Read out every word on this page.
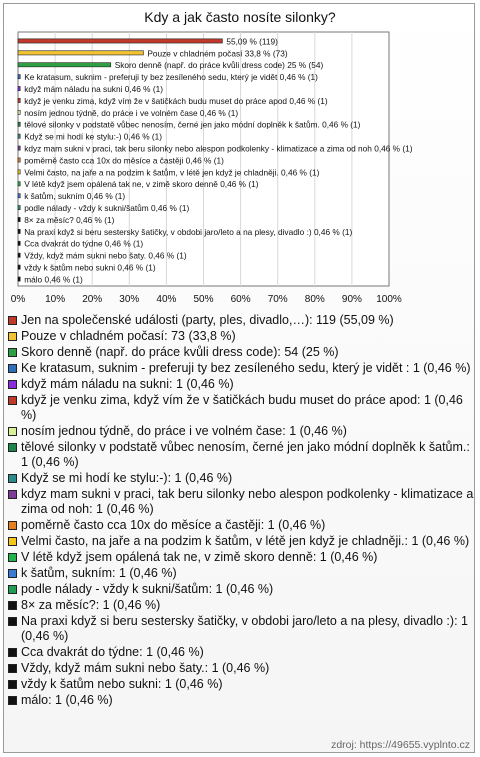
Kdy a jak často nosíte silonky?
0% 10% 20% 30% 40% 50% 60% 70% 80% 90% 100%
55,09 % (119)
Pouze v chladném počasí 33,8 % (73)
Skoro denně (např. do práce kvůli dress code) 25 % (54)
Ke kratasum, suknim - preferuji ty bez zesíleného sedu, který je vidět 0,46 % (1)
když mám náladu na sukni 0,46 % (1)
když je venku zima, když vím že v šatičkách budu muset do práce apod 0,46 % (1)
nosím jednou týdně, do práce i ve volném čase 0,46 % (1)
tělové silonky v podstatě vůbec nenosím, černé jen jako módní doplněk k šatům. 0,46 % (1)
Když se mi hodí ke stylu:-) 0,46 % (1)
kdyz mam sukni v praci, tak beru silonky nebo alespon podkolenky - klimatizace a zima od noh 0,46 % (1)
poměrně často cca 10x do měsíce a častěji 0,46 % (1)
Velmi často, na jaře a na podzim k šatům, v létě jen když je chladněji. 0,46 % (1)
V létě když jsem opálená tak ne, v zimě skoro denně 0,46 % (1)
k šatům, sukním 0,46 % (1)
podle nálady - vždy k sukni/šatům 0,46 % (1)
8× za měsíc? 0,46 % (1)
Na praxi když si beru sestersky šatičky, v obdobi jaro/leto a na plesy, divadlo :) 0,46 % (1)
Cca dvakrát do týdne 0,46 % (1)
Vždy, když mám sukni nebo šaty. 0,46 % (1)
vždy k šatům nebo sukni 0,46 % (1)
málo 0,46 % (1)
Jen na společenské události (party, ples, divadlo,…): 119 (55,09 %)
Pouze v chladném počasí: 73 (33,8 %)
Skoro denně (např. do práce kvůli dress code): 54 (25 %)
Ke kratasum, suknim - preferuji ty bez zesíleného sedu, který je vidět : 1 (0,46 %)
když mám náladu na sukni: 1 (0,46 %)
když je venku zima, když vím že v šatičkách budu muset do práce apod: 1 (0,46 %)
nosím jednou týdně, do práce i ve volném čase: 1 (0,46 %)
tělové silonky v podstatě vůbec nenosím, černé jen jako módní doplněk k šatům.: 1 (0,46 %)
Když se mi hodí ke stylu:-): 1 (0,46 %)
kdyz mam sukni v praci, tak beru silonky nebo alespon podkolenky - klimatizace a zima od noh: 1 (0,46 %)
poměrně často cca 10x do měsíce a častěji: 1 (0,46 %)
Velmi často, na jaře a na podzim k šatům, v létě jen když je chladněji.: 1 (0,46 %)
V létě když jsem opálená tak ne, v zimě skoro denně: 1 (0,46 %)
k šatům, sukním: 1 (0,46 %)
podle nálady - vždy k sukni/šatům: 1 (0,46 %)
8× za měsíc?: 1 (0,46 %)
Na praxi když si beru sestersky šatičky, v obdobi jaro/leto a na plesy, divadlo :): 1 (0,46 %)
Cca dvakrát do týdne: 1 (0,46 %)
Vždy, když mám sukni nebo šaty.: 1 (0,46 %)
vždy k šatům nebo sukni: 1 (0,46 %)
málo: 1 (0,46 %)
zdroj: https://49655.vyplnto.cz
